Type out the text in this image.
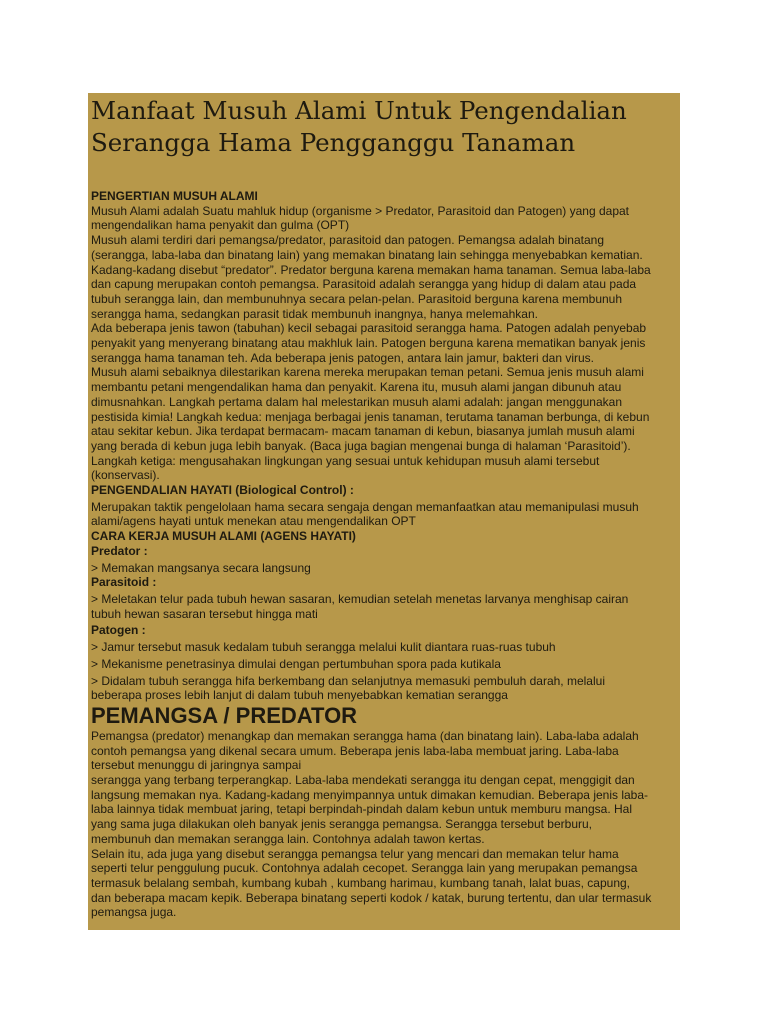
Manfaat Musuh Alami Untuk Pengendalian
Serangga Hama Pengganggu Tanaman
PENGERTIAN MUSUH ALAMI
Musuh Alami adalah Suatu mahluk hidup (organisme > Predator, Parasitoid dan Patogen) yang dapat
mengendalikan hama penyakit dan gulma (OPT)
Musuh alami terdiri dari pemangsa/predator, parasitoid dan patogen. Pemangsa adalah binatang
(serangga, laba-laba dan binatang lain) yang memakan binatang lain sehingga menyebabkan kematian.
Kadang-kadang disebut “predator”. Predator berguna karena memakan hama tanaman. Semua laba-laba
dan capung merupakan contoh pemangsa. Parasitoid adalah serangga yang hidup di dalam atau pada
tubuh serangga lain, dan membunuhnya secara pelan-pelan. Parasitoid berguna karena membunuh
serangga hama, sedangkan parasit tidak membunuh inangnya, hanya melemahkan.
Ada beberapa jenis tawon (tabuhan) kecil sebagai parasitoid serangga hama. Patogen adalah penyebab
penyakit yang menyerang binatang atau makhluk lain. Patogen berguna karena mematikan banyak jenis
serangga hama tanaman teh. Ada beberapa jenis patogen, antara lain jamur, bakteri dan virus.
Musuh alami sebaiknya dilestarikan karena mereka merupakan teman petani. Semua jenis musuh alami
membantu petani mengendalikan hama dan penyakit. Karena itu, musuh alami jangan dibunuh atau
dimusnahkan. Langkah pertama dalam hal melestarikan musuh alami adalah: jangan menggunakan
pestisida kimia! Langkah kedua: menjaga berbagai jenis tanaman, terutama tanaman berbunga, di kebun
atau sekitar kebun. Jika terdapat bermacam- macam tanaman di kebun, biasanya jumlah musuh alami
yang berada di kebun juga lebih banyak. (Baca juga bagian mengenai bunga di halaman ‘Parasitoid’).
Langkah ketiga: mengusahakan lingkungan yang sesuai untuk kehidupan musuh alami tersebut
(konservasi).
PENGENDALIAN HAYATI (Biological Control) :
Merupakan taktik pengelolaan hama secara sengaja dengan memanfaatkan atau memanipulasi musuh
alami/agens hayati untuk menekan atau mengendalikan OPT
CARA KERJA MUSUH ALAMI (AGENS HAYATI)
Predator :
> Memakan mangsanya secara langsung
Parasitoid :
> Meletakan telur pada tubuh hewan sasaran, kemudian setelah menetas larvanya menghisap cairan
tubuh hewan sasaran tersebut hingga mati
Patogen :
> Jamur tersebut masuk kedalam tubuh serangga melalui kulit diantara ruas-ruas tubuh
> Mekanisme penetrasinya dimulai dengan pertumbuhan spora pada kutikala
> Didalam tubuh serangga hifa berkembang dan selanjutnya memasuki pembuluh darah, melalui
beberapa proses lebih lanjut di dalam tubuh menyebabkan kematian serangga
PEMANGSA / PREDATOR
Pemangsa (predator) menangkap dan memakan serangga hama (dan binatang lain). Laba-laba adalah
contoh pemangsa yang dikenal secara umum. Beberapa jenis laba-laba membuat jaring. Laba-laba
tersebut menunggu di jaringnya sampai
serangga yang terbang terperangkap. Laba-laba mendekati serangga itu dengan cepat, menggigit dan
langsung memakan nya. Kadang-kadang menyimpannya untuk dimakan kemudian. Beberapa jenis laba-
laba lainnya tidak membuat jaring, tetapi berpindah-pindah dalam kebun untuk memburu mangsa. Hal
yang sama juga dilakukan oleh banyak jenis serangga pemangsa. Serangga tersebut berburu,
membunuh dan memakan serangga lain. Contohnya adalah tawon kertas.
Selain itu, ada juga yang disebut serangga pemangsa telur yang mencari dan memakan telur hama
seperti telur penggulung pucuk. Contohnya adalah cecopet. Serangga lain yang merupakan pemangsa
termasuk belalang sembah, kumbang kubah , kumbang harimau, kumbang tanah, lalat buas, capung,
dan beberapa macam kepik. Beberapa binatang seperti kodok / katak, burung tertentu, dan ular termasuk
pemangsa juga.
